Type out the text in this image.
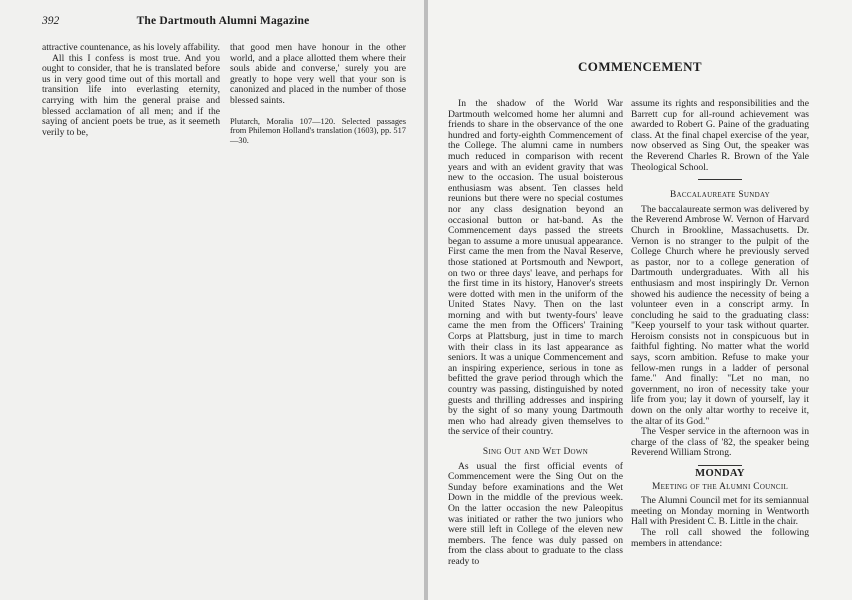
392	The Dartmouth Alumni Magazine

attractive countenance, as his lovely affability.

All this I confess is most true. And you ought to consider, that he is translated before us in very good time out of this mortall and transition life into everlasting eternity, carrying with him the general praise and blessed acclamation of all men; and if the saying of ancient poets be true, as it seemeth verily to be,

that good men have honour in the other world, and a place allotted them where their souls abide and converse,' surely you are greatly to hope very well that your son is canonized and placed in the number of those blessed saints.

Plutarch, Moralia 107—120. Selected passages from Philemon Holland's translation (1603), pp. 517—30.

COMMENCEMENT

In the shadow of the World War Dartmouth welcomed home her alumni and friends to share in the observance of the one hundred and forty-eighth Commencement of the College. The alumni came in numbers much reduced in comparison with recent years and with an evident gravity that was new to the occasion. The usual boisterous enthusiasm was absent. Ten classes held reunions but there were no special costumes nor any class designation beyond an occasional button or hat-band. As the Commencement days passed the streets began to assume a more unusual appearance. First came the men from the Naval Reserve, those stationed at Portsmouth and Newport, on two or three days' leave, and perhaps for the first time in its history, Hanover's streets were dotted with men in the uniform of the United States Navy. Then on the last morning and with but twenty-fours' leave came the men from the Officers' Training Corps at Plattsburg, just in time to march with their class in its last appearance as seniors. It was a unique Commencement and an inspiring experience, serious in tone as befitted the grave period through which the country was passing, distinguished by noted guests and thrilling addresses and inspiring by the sight of so many young Dartmouth men who had already given themselves to the service of their country.

Sing Out and Wet Down

As usual the first official events of Commencement were the Sing Out on the Sunday before examinations and the Wet Down in the middle of the previous week. On the latter occasion the new Paleopitus was initiated or rather the two juniors who were still left in College of the eleven new members. The fence was duly passed on from the class about to graduate to the class ready to

assume its rights and responsibilities and the Barrett cup for all-round achievement was awarded to Robert G. Paine of the graduating class. At the final chapel exercise of the year, now observed as Sing Out, the speaker was the Reverend Charles R. Brown of the Yale Theological School.

Baccalaureate Sunday

The baccalaureate sermon was delivered by the Reverend Ambrose W. Vernon of Harvard Church in Brookline, Massachusetts. Dr. Vernon is no stranger to the pulpit of the College Church where he previously served as pastor, nor to a college generation of Dartmouth undergraduates. With all his enthusiasm and most inspiringly Dr. Vernon showed his audience the necessity of being a volunteer even in a conscript army. In concluding he said to the graduating class: "Keep yourself to your task without quarter. Heroism consists not in conspicuous but in faithful fighting. No matter what the world says, scorn ambition. Refuse to make your fellow-men rungs in a ladder of personal fame." And finally: "Let no man, no government, no iron of necessity take your life from you; lay it down of yourself, lay it down on the only altar worthy to receive it, the altar of its God."

The Vesper service in the afternoon was in charge of the class of '82, the speaker being Reverend William Strong.

MONDAY

Meeting of the Alumni Council

The Alumni Council met for its semiannual meeting on Monday morning in Wentworth Hall with President C. B. Little in the chair.

The roll call showed the following members in attendance:
